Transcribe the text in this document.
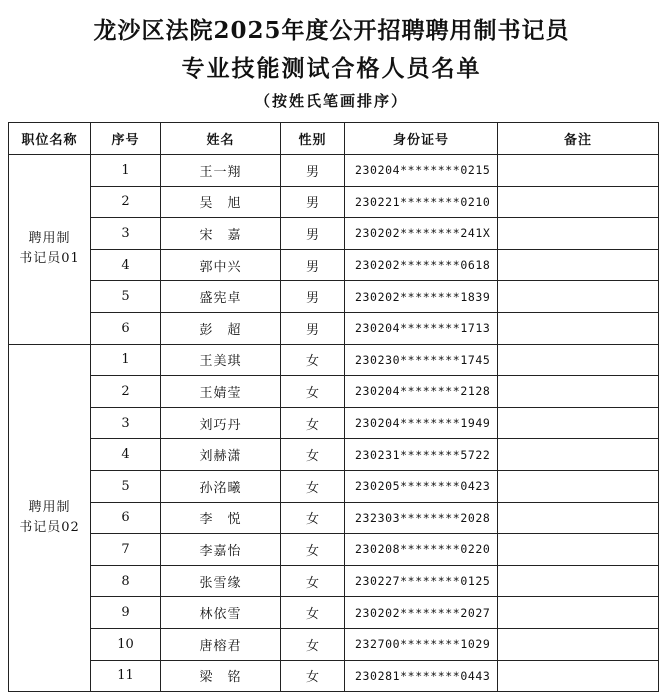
龙沙区法院2025年度公开招聘聘用制书记员
专业技能测试合格人员名单
（按姓氏笔画排序）
职位名称	序号	姓名	性别	身份证号	备注

聘用制
书记员01	1	王一翔	男	230204********0215	
	2	吴　旭	男	230221********0210	
	3	宋　嘉	男	230202********241X	
	4	郭中兴	男	230202********0618	
	5	盛宪卓	男	230202********1839	
	6	彭　超	男	230204********1713	

聘用制
书记员02	1	王美琪	女	230230********1745	
	2	王婧莹	女	230204********2128	
	3	刘巧丹	女	230204********1949	
	4	刘赫潇	女	230231********5722	
	5	孙洺曦	女	230205********0423	
	6	李　悦	女	232303********2028	
	7	李嘉怡	女	230208********0220	
	8	张雪缘	女	230227********0125	
	9	林依雪	女	230202********2027	
	10	唐榕君	女	232700********1029	
	11	梁　铭	女	230281********0443	
